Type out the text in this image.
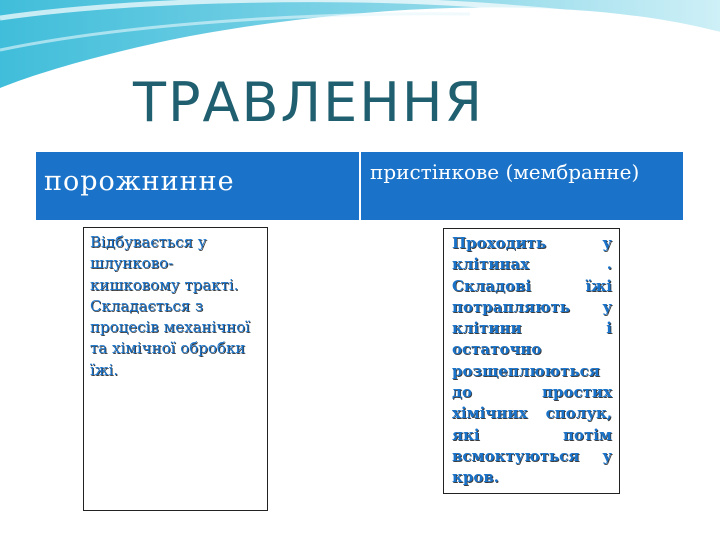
ТРАВЛЕННЯ
порожнинне	пристінкове (мембранне)

Відбувається у шлунково-кишковому тракті. Складається з процесів механічної та хімічної обробки їжі.

Проходить у клітинах . Складові їжі потрапляють у клітини і остаточно розщеплюються до простих хімічних сполук, які потім всмоктуються у кров.
